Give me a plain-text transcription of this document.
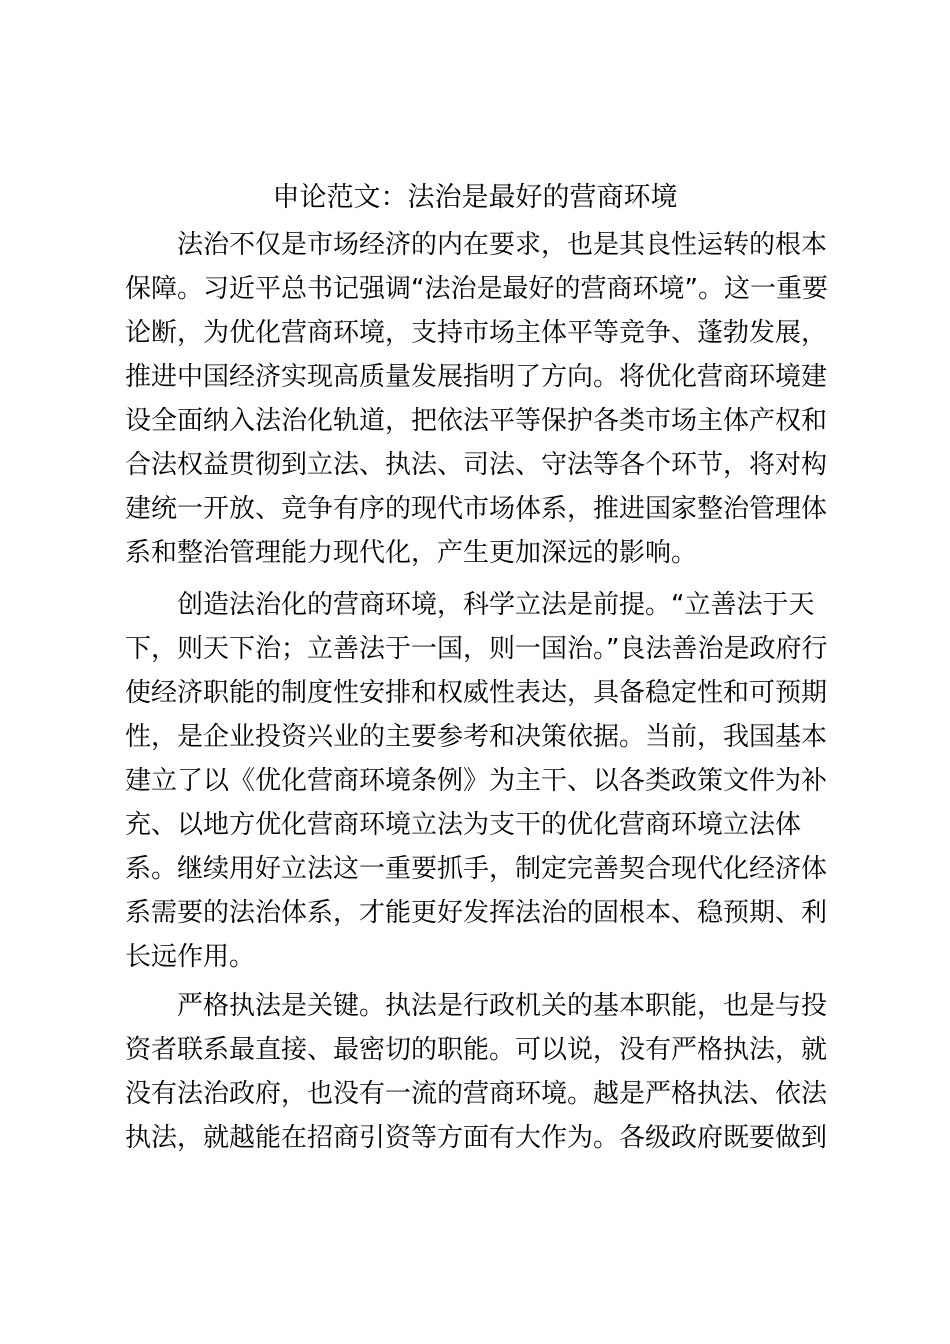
申论范文：法治是最好的营商环境
法治不仅是市场经济的内在要求，也是其良性运转的根本
保障。习近平总书记强调“法治是最好的营商环境”。这一重要
论断，为优化营商环境，支持市场主体平等竞争、蓬勃发展，
推进中国经济实现高质量发展指明了方向。将优化营商环境建
设全面纳入法治化轨道，把依法平等保护各类市场主体产权和
合法权益贯彻到立法、执法、司法、守法等各个环节，将对构
建统一开放、竞争有序的现代市场体系，推进国家整治管理体
系和整治管理能力现代化，产生更加深远的影响。
创造法治化的营商环境，科学立法是前提。“立善法于天
下，则天下治；立善法于一国，则一国治。”良法善治是政府行
使经济职能的制度性安排和权威性表达，具备稳定性和可预期
性，是企业投资兴业的主要参考和决策依据。当前，我国基本
建立了以《优化营商环境条例》为主干、以各类政策文件为补
充、以地方优化营商环境立法为支干的优化营商环境立法体
系。继续用好立法这一重要抓手，制定完善契合现代化经济体
系需要的法治体系，才能更好发挥法治的固根本、稳预期、利
长远作用。
严格执法是关键。执法是行政机关的基本职能，也是与投
资者联系最直接、最密切的职能。可以说，没有严格执法，就
没有法治政府，也没有一流的营商环境。越是严格执法、依法
执法，就越能在招商引资等方面有大作为。各级政府既要做到
